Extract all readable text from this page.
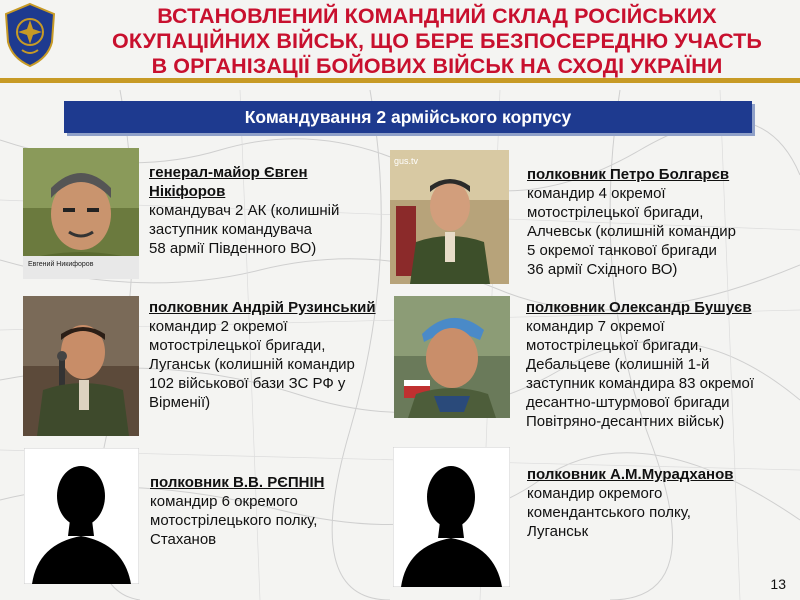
ВСТАНОВЛЕНИЙ КОМАНДНИЙ СКЛАД РОСІЙСЬКИХ
ОКУПАЦІЙНИХ ВІЙСЬК, ЩО БЕРЕ БЕЗПОСЕРЕДНЮ УЧАСТЬ
В ОРГАНІЗАЦІЇ БОЙОВИХ ВІЙСЬК НА СХОДІ УКРАЇНИ
Командування 2 армійського корпусу
Евгений Никифоров
генерал-майор Євген Нікіфоров
командувач 2 АК (колишній
заступник командувача
58 армії Південного ВО)
gus.tv
полковник Петро Болгарєв
командир 4 окремої
мотострілецької бригади,
Алчевськ (колишній командир
5 окремої танкової бригади
36 армії Східного ВО)
полковник Андрій Рузинський
командир 2 окремої
мотострілецької бригади,
Луганськ (колишній командир
102 військової бази ЗС РФ у
Вірменії)
полковник Олександр Бушуєв
командир 7 окремої
мотострілецької бригади,
Дебальцеве (колишній 1-й
заступник командира 83 окремої
десантно-штурмової бригади
Повітряно-десантних військ)
полковник В.В. РЄПНІН
командир 6 окремого
мотострілецького полку,
Стаханов
полковник А.М.Мурадханов
командир окремого
комендантського полку,
Луганськ
13
